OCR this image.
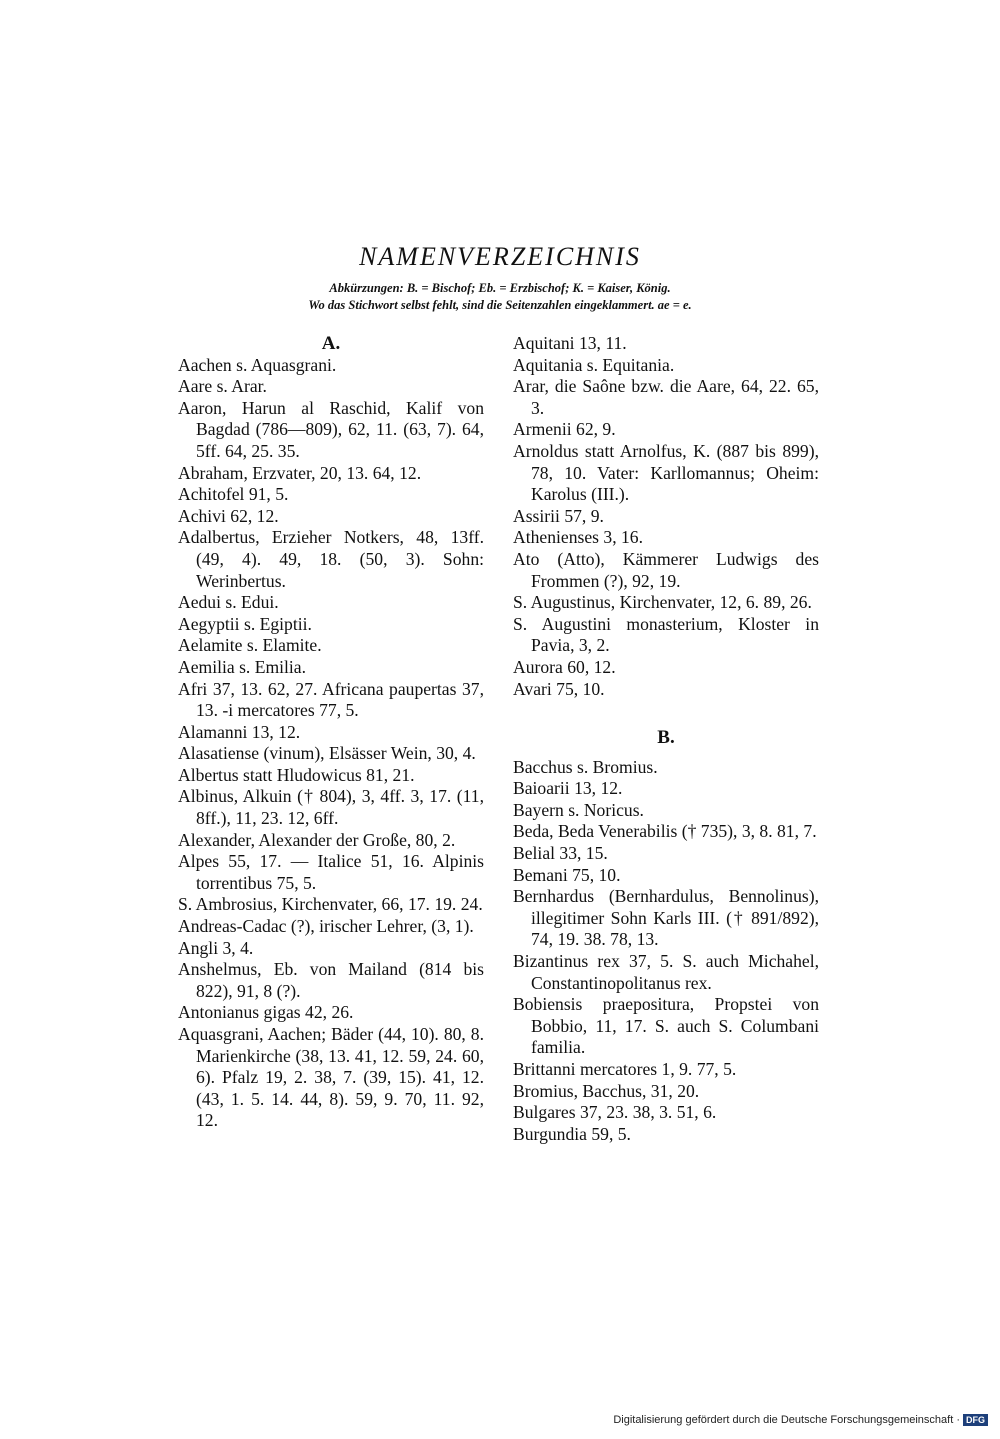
NAMENVERZEICHNIS
Abkürzungen: B. = Bischof; Eb. = Erzbischof; K. = Kaiser, König.
Wo das Stichwort selbst fehlt, sind die Seitenzahlen eingeklammert. ae = e.
A.
Aachen s. Aquasgrani.
Aare s. Arar.
Aaron, Harun al Raschid, Kalif von Bagdad (786—809), 62, 11. (63, 7). 64, 5ff. 64, 25. 35.
Abraham, Erzvater, 20, 13. 64, 12.
Achitofel 91, 5.
Achivi 62, 12.
Adalbertus, Erzieher Notkers, 48, 13ff. (49, 4). 49, 18. (50, 3). Sohn: Werinbertus.
Aedui s. Edui.
Aegyptii s. Egiptii.
Aelamite s. Elamite.
Aemilia s. Emilia.
Afri 37, 13. 62, 27. Africana paupertas 37, 13. -i mercatores 77, 5.
Alamanni 13, 12.
Alasatiense (vinum), Elsässer Wein, 30, 4.
Albertus statt Hludowicus 81, 21.
Albinus, Alkuin († 804), 3, 4ff. 3, 17. (11, 8ff.), 11, 23. 12, 6ff.
Alexander, Alexander der Große, 80, 2.
Alpes 55, 17. — Italice 51, 16. Alpinis torrentibus 75, 5.
S. Ambrosius, Kirchenvater, 66, 17. 19. 24.
Andreas-Cadac (?), irischer Lehrer, (3, 1).
Angli 3, 4.
Anshelmus, Eb. von Mailand (814 bis 822), 91, 8 (?).
Antonianus gigas 42, 26.
Aquasgrani, Aachen; Bäder (44, 10). 80, 8. Marienkirche (38, 13. 41, 12. 59, 24. 60, 6). Pfalz 19, 2. 38, 7. (39, 15). 41, 12. (43, 1. 5. 14. 44, 8). 59, 9. 70, 11. 92, 12.
Aquitani 13, 11.
Aquitania s. Equitania.
Arar, die Saône bzw. die Aare, 64, 22. 65, 3.
Armenii 62, 9.
Arnoldus statt Arnolfus, K. (887 bis 899), 78, 10. Vater: Karllomannus; Oheim: Karolus (III.).
Assirii 57, 9.
Athenienses 3, 16.
Ato (Atto), Kämmerer Ludwigs des Frommen (?), 92, 19.
S. Augustinus, Kirchenvater, 12, 6. 89, 26.
S. Augustini monasterium, Kloster in Pavia, 3, 2.
Aurora 60, 12.
Avari 75, 10.
B.
Bacchus s. Bromius.
Baioarii 13, 12.
Bayern s. Noricus.
Beda, Beda Venerabilis († 735), 3, 8. 81, 7.
Belial 33, 15.
Bemani 75, 10.
Bernhardus (Bernhardulus, Bennolinus), illegitimer Sohn Karls III. († 891/892), 74, 19. 38. 78, 13.
Bizantinus rex 37, 5. S. auch Michahel, Constantinopolitanus rex.
Bobiensis praepositura, Propstei von Bobbio, 11, 17. S. auch S. Columbani familia.
Brittanni mercatores 1, 9. 77, 5.
Bromius, Bacchus, 31, 20.
Bulgares 37, 23. 38, 3. 51, 6.
Burgundia 59, 5.
Digitalisierung gefördert durch die Deutsche Forschungsgemeinschaft · DFG
